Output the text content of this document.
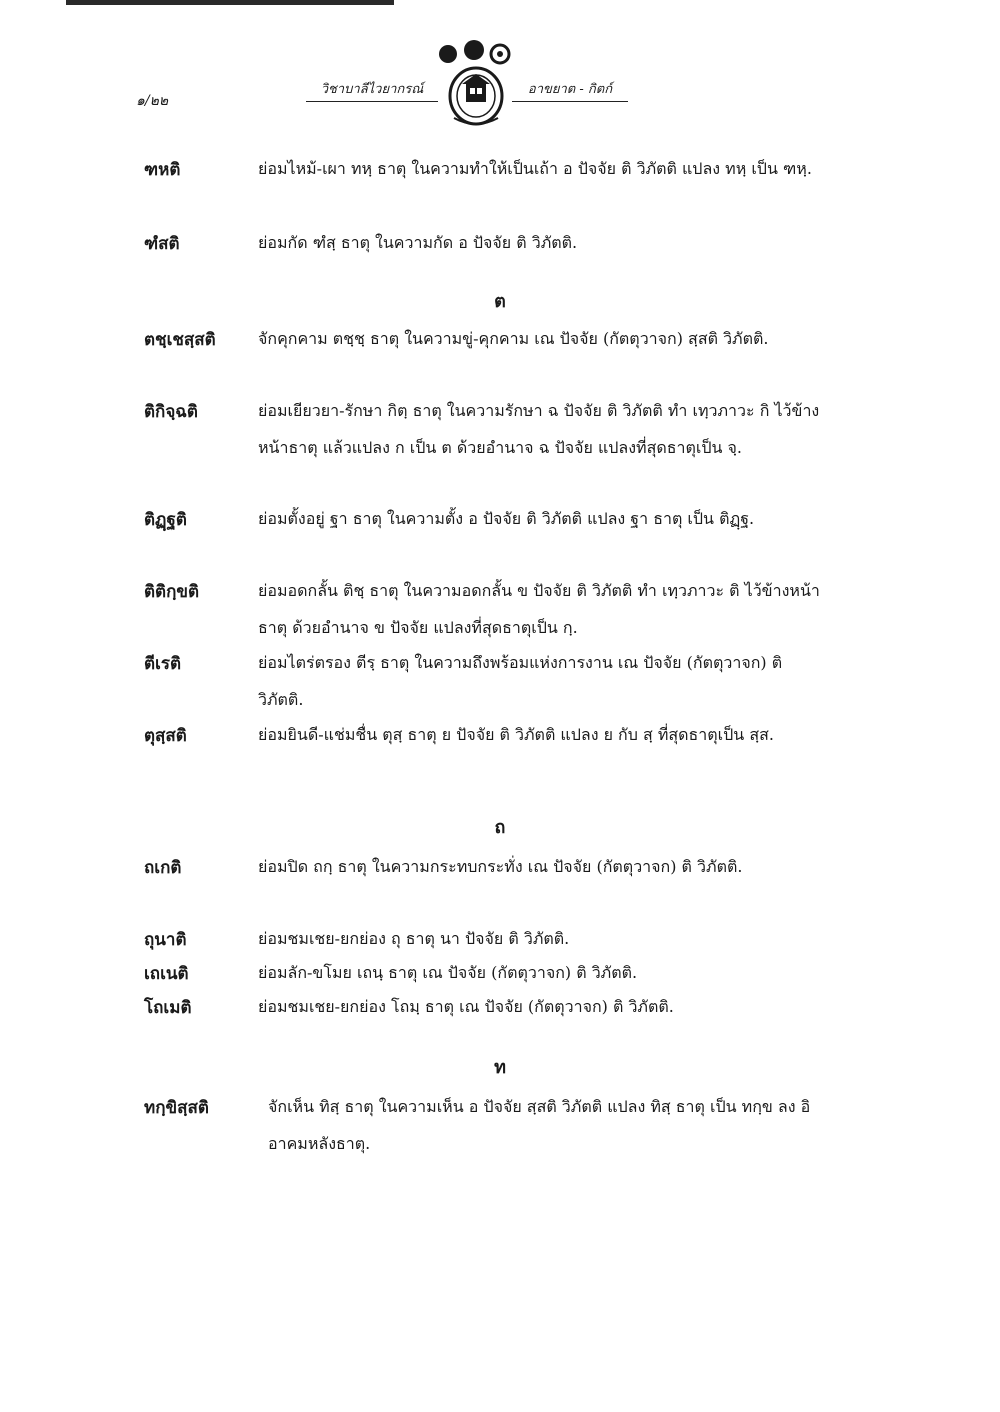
๑/๒๒
วิชาบาลีไวยากรณ์	อาขยาต - กิตก์
ฑหติ	ย่อมไหม้-เผา ทหฺ ธาตุ ในความทำให้เป็นเถ้า อ ปัจจัย ติ วิภัตติ แปลง ทหฺ เป็น ฑหฺ.
ฑํสติ	ย่อมกัด ฑํสฺ ธาตุ ในความกัด อ ปัจจัย ติ วิภัตติ.
ต
ตชฺเชสฺสติ	จักคุกคาม ตชฺชฺ ธาตุ ในความขู่-คุกคาม เณ ปัจจัย (กัตตุวาจก) สฺสติ วิภัตติ.
ติกิจฺฉติ	ย่อมเยียวยา-รักษา กิตฺ ธาตุ ในความรักษา ฉ ปัจจัย ติ วิภัตติ ทำ เทฺวภาวะ กิ ไว้ข้างหน้าธาตุ แล้วแปลง ก เป็น ต ด้วยอำนาจ ฉ ปัจจัย แปลงที่สุดธาตุเป็น จฺ.
ติฏฺฐติ	ย่อมตั้งอยู่ ฐา ธาตุ ในความตั้ง อ ปัจจัย ติ วิภัตติ แปลง ฐา ธาตุ เป็น ติฏฺฐ.
ติติกฺขติ	ย่อมอดกลั้น ติชฺ ธาตุ ในความอดกลั้น ข ปัจจัย ติ วิภัตติ ทำ เทฺวภาวะ ติ ไว้ข้างหน้าธาตุ ด้วยอำนาจ ข ปัจจัย แปลงที่สุดธาตุเป็น กฺ.
ตีเรติ	ย่อมไตร่ตรอง ตีรฺ ธาตุ ในความถึงพร้อมแห่งการงาน เณ ปัจจัย (กัตตุวาจก) ติ วิภัตติ.
ตุสฺสติ	ย่อมยินดี-แช่มชื่น ตุสฺ ธาตุ ย ปัจจัย ติ วิภัตติ แปลง ย กับ สฺ ที่สุดธาตุเป็น สฺส.
ถ
ถเกติ	ย่อมปิด ถกฺ ธาตุ ในความกระทบกระทั่ง เณ ปัจจัย (กัตตุวาจก) ติ วิภัตติ.
ถุนาติ	ย่อมชมเชย-ยกย่อง ถุ ธาตุ นา ปัจจัย ติ วิภัตติ.
เถเนติ	ย่อมลัก-ขโมย เถนฺ ธาตุ เณ ปัจจัย (กัตตุวาจก) ติ วิภัตติ.
โถเมติ	ย่อมชมเชย-ยกย่อง โถมฺ ธาตุ เณ ปัจจัย (กัตตุวาจก) ติ วิภัตติ.
ท
ทกฺขิสฺสติ	จักเห็น ทิสฺ ธาตุ ในความเห็น อ ปัจจัย สฺสติ วิภัตติ แปลง ทิสฺ ธาตุ เป็น ทกฺข ลง อิ อาคมหลังธาตุ.
